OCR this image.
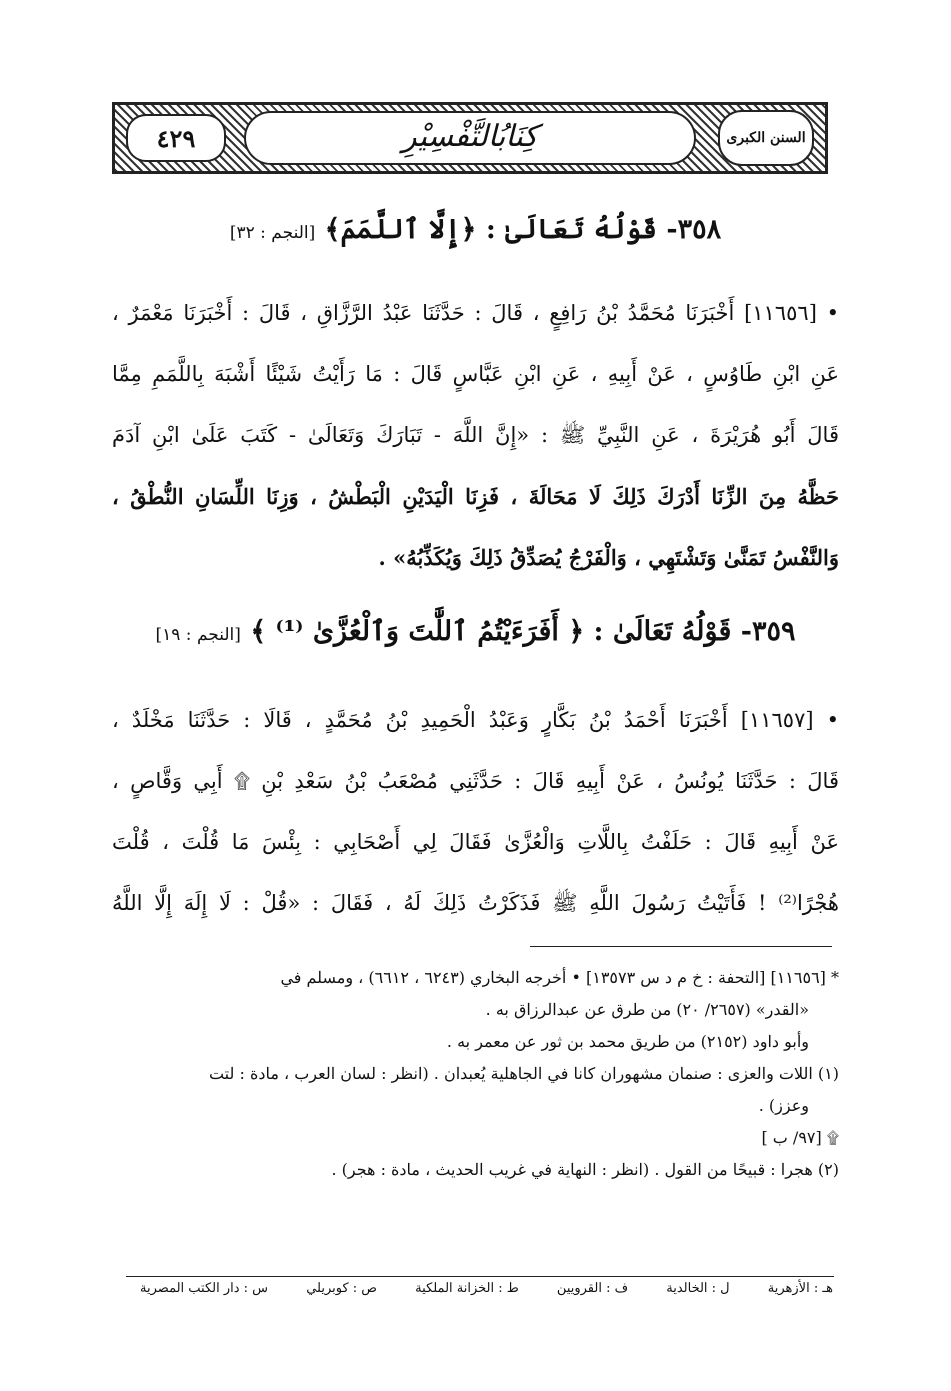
كِنَابُالتَّفْسِيْرِ
٤٢٩	السنن الكبرى
٣٥٨- قَوْلُهُ تَعَالَىٰ : ﴿إِلَّا ٱللَّمَمَ﴾ [النجم : ٣٢]
• [١١٦٥٦] أَخْبَرَنَا مُحَمَّدُ بْنُ رَافِعٍ ، قَالَ : حَدَّثَنَا عَبْدُ الرَّزَّاقِ ، قَالَ : أَخْبَرَنَا مَعْمَرٌ ،
عَنِ ابْنِ طَاوُسٍ ، عَنْ أَبِيهِ ، عَنِ ابْنِ عَبَّاسٍ قَالَ : مَا رَأَيْتُ شَيْئًا أَشْبَهَ بِاللَّمَمِ مِمَّا
قَالَ أَبُو هُرَيْرَةَ ، عَنِ النَّبِيِّ ﷺ : «إِنَّ اللَّهَ - تَبَارَكَ وَتَعَالَىٰ - كَتَبَ عَلَىٰ ابْنِ آدَمَ
حَظَّهُ مِنَ الزِّنَا أَدْرَكَ ذَلِكَ لَا مَحَالَةَ ، فَزِنَا الْيَدَيْنِ الْبَطْشُ ، وَزِنَا اللِّسَانِ النُّطْقُ ،
وَالنَّفْسُ تَمَنَّىٰ وَتَشْتَهِي ، وَالْفَرْجُ يُصَدِّقُ ذَلِكَ وَيُكَذِّبُهُ» .
٣٥٩- قَوْلُهُ تَعَالَىٰ : ﴿ أَفَرَءَيْتُمُ ٱللَّٰتَ وَٱلْعُزَّىٰ ⁽¹⁾ ﴾ [النجم : ١٩]
• [١١٦٥٧] أَخْبَرَنَا أَحْمَدُ بْنُ بَكَّارٍ وَعَبْدُ الْحَمِيدِ بْنُ مُحَمَّدٍ ، قَالَا : حَدَّثَنَا مَخْلَدٌ ،
قَالَ : حَدَّثَنَا يُونُسُ ، عَنْ أَبِيهِ قَالَ : حَدَّثَنِي مُصْعَبُ بْنُ سَعْدِ بْنِ ۩ أَبِي وَقَّاصٍ ،
عَنْ أَبِيهِ قَالَ : حَلَفْتُ بِاللَّاتِ وَالْعُزَّىٰ فَقَالَ لِي أَصْحَابِي : بِئْسَ مَا قُلْتَ ، قُلْتَ
هُجْرًا⁽²⁾ ! فَأَتَيْتُ رَسُولَ اللَّهِ ﷺ فَذَكَرْتُ ذَلِكَ لَهُ ، فَقَالَ : «قُلْ : لَا إِلَهَ إِلَّا اللَّهُ
* [١١٦٥٦] [التحفة : خ م د س ١٣٥٧٣] • أخرجه البخاري (٦٢٤٣ ، ٦٦١٢) ، ومسلم في
«القدر» (٢٦٥٧/ ٢٠) من طرق عن عبدالرزاق به .
وأبو داود (٢١٥٢) من طريق محمد بن ثور عن معمر به .
(١) اللات والعزى : صنمان مشهوران كانا في الجاهلية يُعبدان . (انظر : لسان العرب ، مادة : لتت
وعزز) .
۩ [٩٧/ ب ]
(٢) هجرا : قبيحًا من القول . (انظر : النهاية في غريب الحديث ، مادة : هجر) .
س : دار الكتب المصرية	ص : كوبريلي	ط : الخزانة الملكية	ف : القرويين	ل : الخالدية	هـ : الأزهرية
